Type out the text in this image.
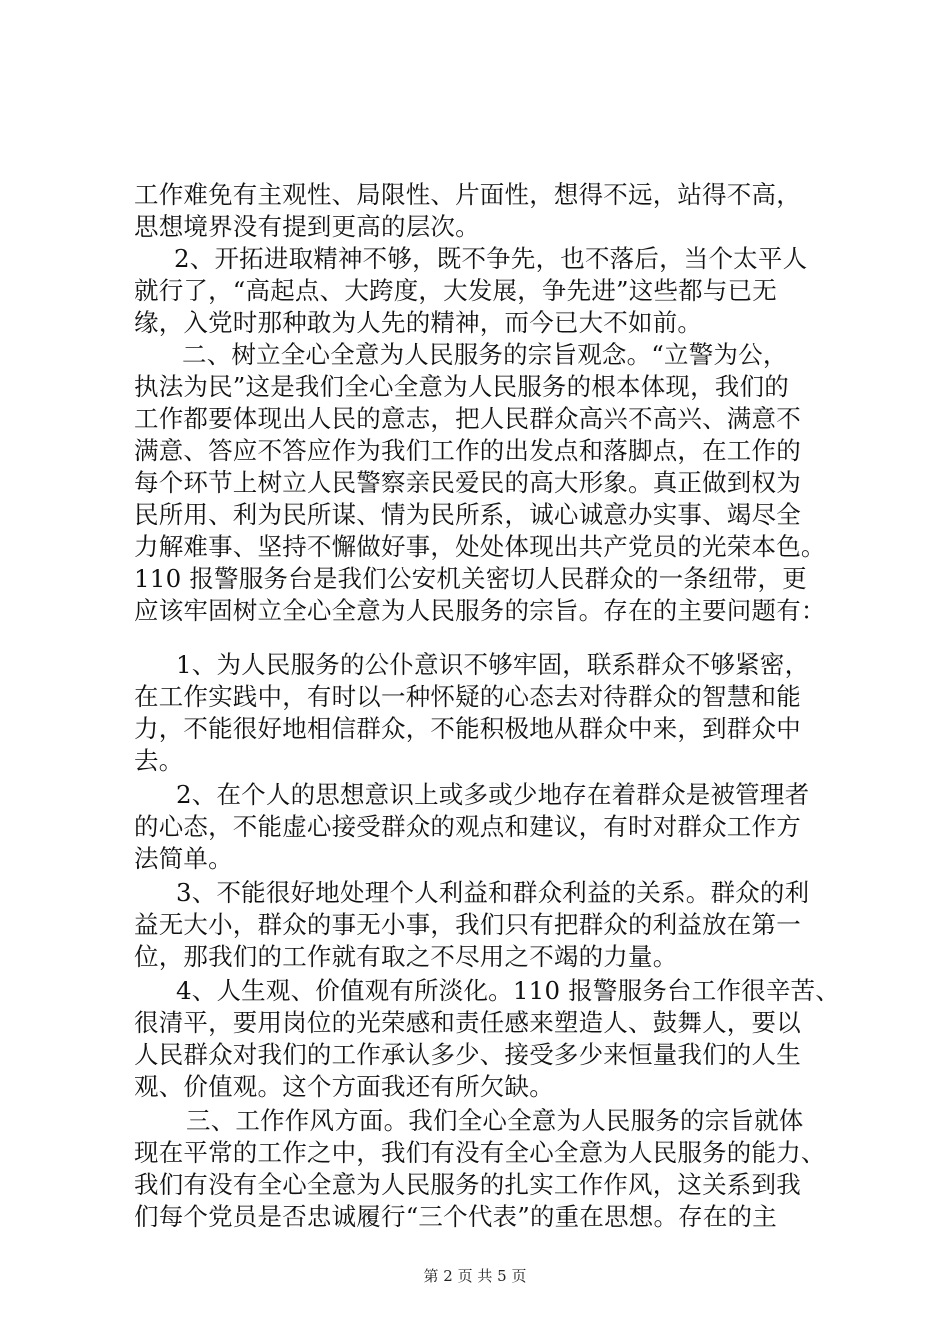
工作难免有主观性、局限性、片面性，想得不远，站得不高，
思想境界没有提到更高的层次。
2、开拓进取精神不够，既不争先，也不落后，当个太平人
就行了，“高起点、大跨度，大发展，争先进”这些都与已无
缘，入党时那种敢为人先的精神，而今已大不如前。
二、树立全心全意为人民服务的宗旨观念。“立警为公，
执法为民”这是我们全心全意为人民服务的根本体现，我们的
工作都要体现出人民的意志，把人民群众高兴不高兴、满意不
满意、答应不答应作为我们工作的出发点和落脚点，在工作的
每个环节上树立人民警察亲民爱民的高大形象。真正做到权为
民所用、利为民所谋、情为民所系，诚心诚意办实事、竭尽全
力解难事、坚持不懈做好事，处处体现出共产党员的光荣本色。
110 报警服务台是我们公安机关密切人民群众的一条纽带，更
应该牢固树立全心全意为人民服务的宗旨。存在的主要问题有：
1、为人民服务的公仆意识不够牢固，联系群众不够紧密，
在工作实践中，有时以一种怀疑的心态去对待群众的智慧和能
力，不能很好地相信群众，不能积极地从群众中来，到群众中
去。
2、在个人的思想意识上或多或少地存在着群众是被管理者
的心态，不能虚心接受群众的观点和建议，有时对群众工作方
法简单。
3、不能很好地处理个人利益和群众利益的关系。群众的利
益无大小，群众的事无小事，我们只有把群众的利益放在第一
位，那我们的工作就有取之不尽用之不竭的力量。
4、人生观、价值观有所淡化。110 报警服务台工作很辛苦、
很清平，要用岗位的光荣感和责任感来塑造人、鼓舞人，要以
人民群众对我们的工作承认多少、接受多少来恒量我们的人生
观、价值观。这个方面我还有所欠缺。
三、工作作风方面。我们全心全意为人民服务的宗旨就体
现在平常的工作之中，我们有没有全心全意为人民服务的能力、
我们有没有全心全意为人民服务的扎实工作作风，这关系到我
们每个党员是否忠诚履行“三个代表”的重在思想。存在的主
第 2 页 共 5 页
